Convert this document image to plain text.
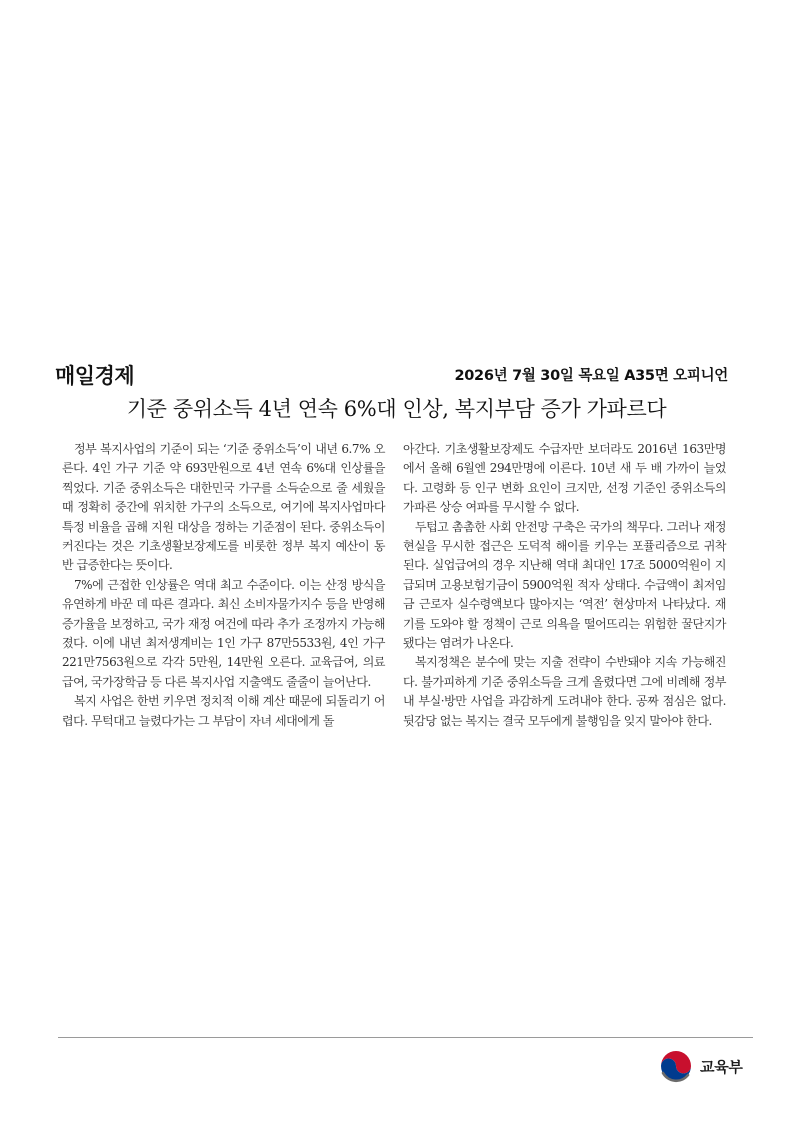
매일경제	2026년 7월 30일 목요일 A35면 오피니언
기준 중위소득 4년 연속 6%대 인상, 복지부담 증가 가파르다

정부 복지사업의 기준이 되는 ‘기준 중위소득’이 내년 6.7% 오른다. 4인 가구 기준 약 693만원으로 4년 연속 6%대 인상률을 찍었다. 기준 중위소득은 대한민국 가구를 소득순으로 줄 세웠을 때 정확히 중간에 위치한 가구의 소득으로, 여기에 복지사업마다 특정 비율을 곱해 지원 대상을 정하는 기준점이 된다. 중위소득이 커진다는 것은 기초생활보장제도를 비롯한 정부 복지 예산이 동반 급증한다는 뜻이다.

7%에 근접한 인상률은 역대 최고 수준이다. 이는 산정 방식을 유연하게 바꾼 데 따른 결과다. 최신 소비자물가지수 등을 반영해 증가율을 보정하고, 국가 재정 여건에 따라 추가 조정까지 가능해졌다. 이에 내년 최저생계비는 1인 가구 87만5533원, 4인 가구 221만7563원으로 각각 5만원, 14만원 오른다. 교육급여, 의료급여, 국가장학금 등 다른 복지사업 지출액도 줄줄이 늘어난다.

복지 사업은 한번 키우면 정치적 이해 계산 때문에 되돌리기 어렵다. 무턱대고 늘렸다가는 그 부담이 자녀 세대에게 돌

아간다. 기초생활보장제도 수급자만 보더라도 2016년 163만명에서 올해 6월엔 294만명에 이른다. 10년 새 두 배 가까이 늘었다. 고령화 등 인구 변화 요인이 크지만, 선정 기준인 중위소득의 가파른 상승 여파를 무시할 수 없다.

두텁고 촘촘한 사회 안전망 구축은 국가의 책무다. 그러나 재정 현실을 무시한 접근은 도덕적 해이를 키우는 포퓰리즘으로 귀착된다. 실업급여의 경우 지난해 역대 최대인 17조 5000억원이 지급되며 고용보험기금이 5900억원 적자 상태다. 수급액이 최저임금 근로자 실수령액보다 많아지는 ‘역전’ 현상마저 나타났다. 재기를 도와야 할 정책이 근로 의욕을 떨어뜨리는 위험한 꿀단지가 됐다는 염려가 나온다.

복지정책은 분수에 맞는 지출 전략이 수반돼야 지속 가능해진다. 불가피하게 기준 중위소득을 크게 올렸다면 그에 비례해 정부 내 부실·방만 사업을 과감하게 도려내야 한다. 공짜 점심은 없다. 뒷감당 없는 복지는 결국 모두에게 불행임을 잊지 말아야 한다.

교육부
